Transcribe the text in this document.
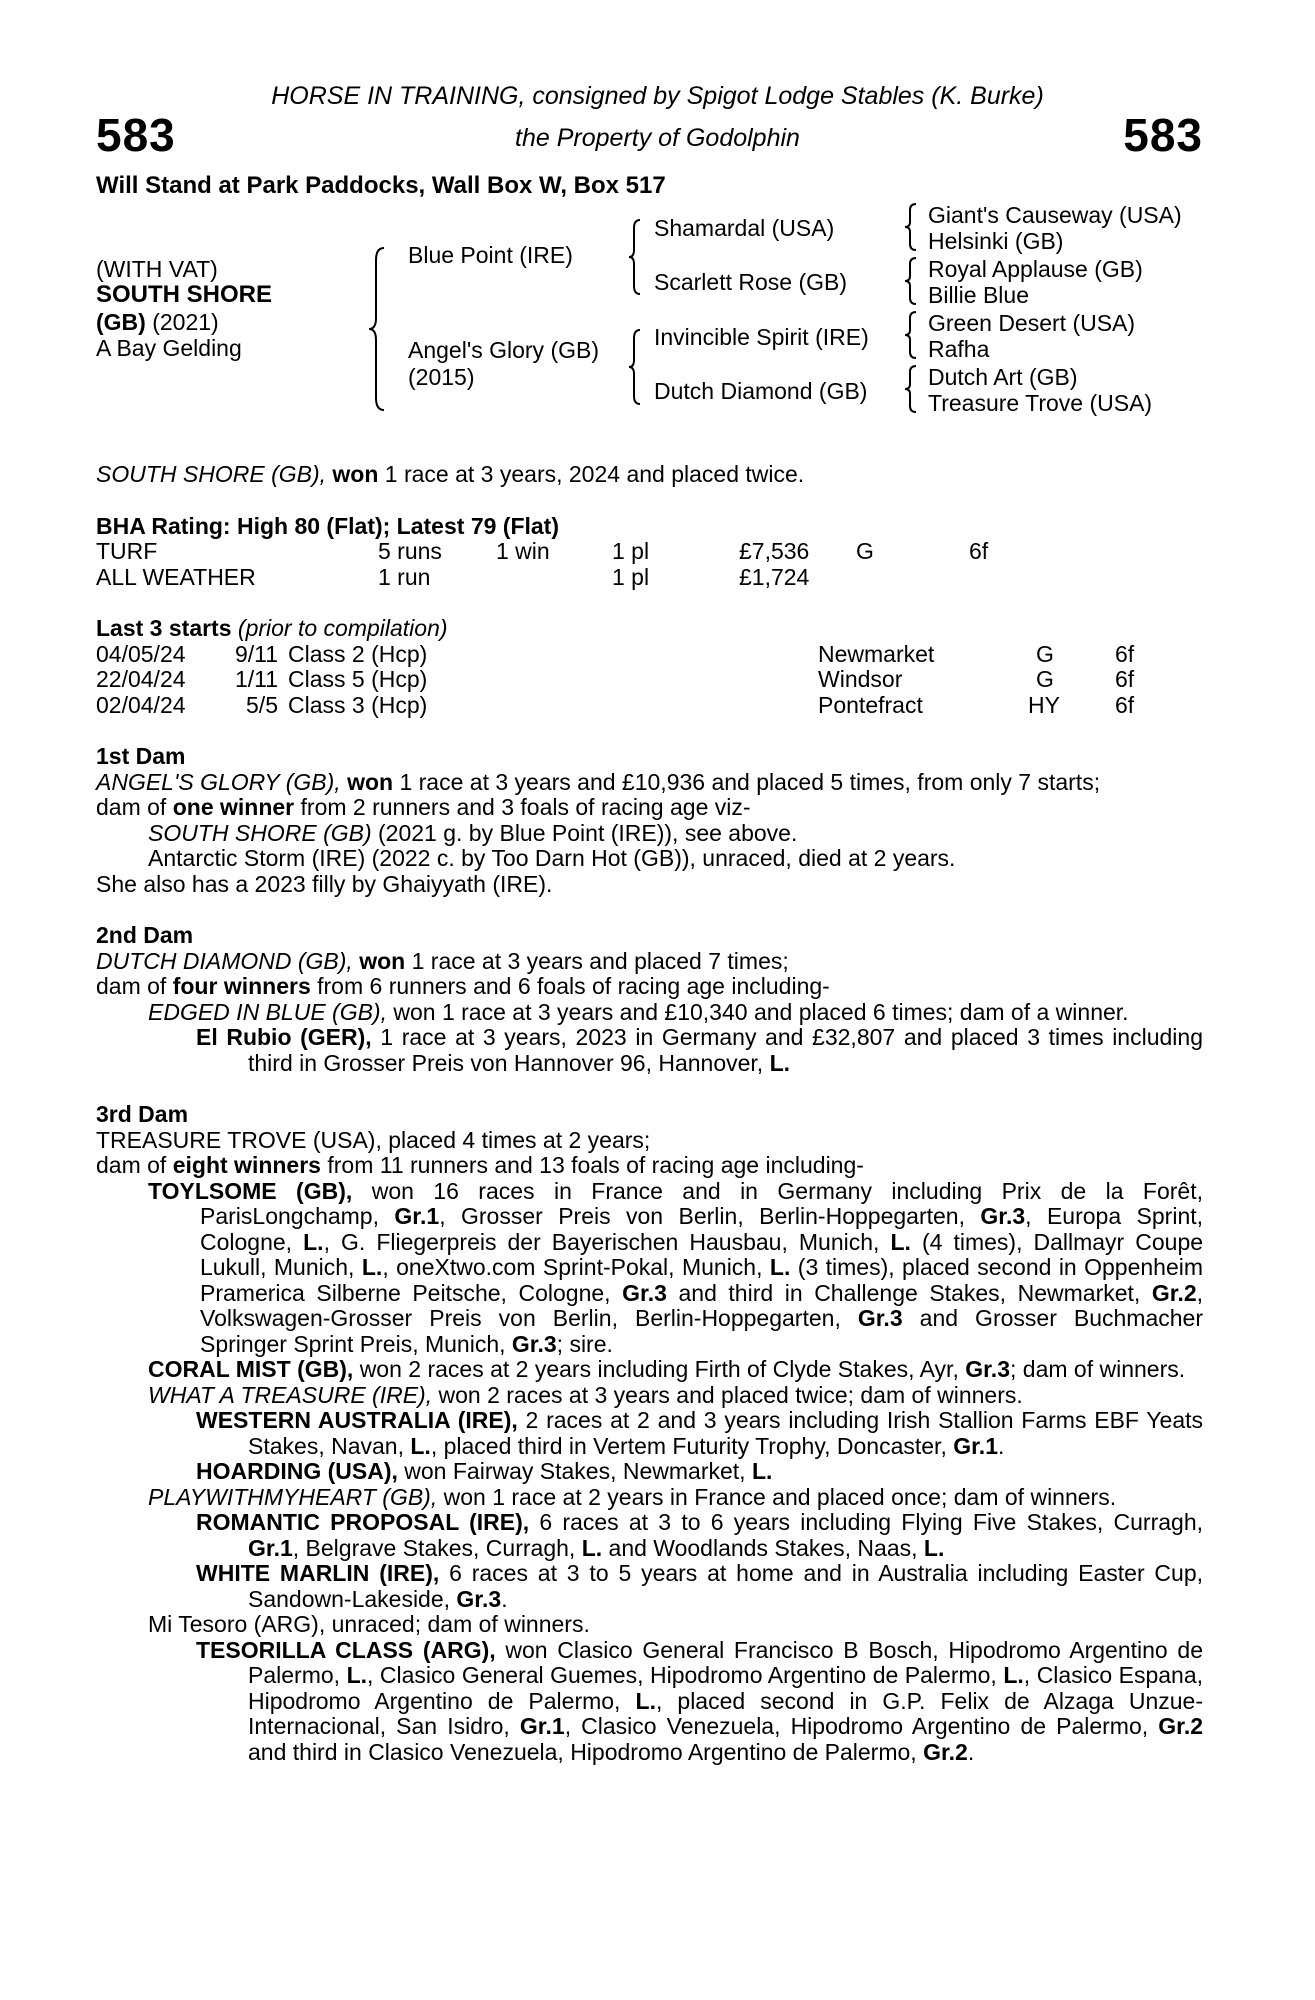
583	583
HORSE IN TRAINING, consigned by Spigot Lodge Stables (K. Burke)
the Property of Godolphin
Will Stand at Park Paddocks, Wall Box W, Box 517
(WITH VAT)
SOUTH SHORE
(GB) (2021)
A Bay Gelding
Blue Point (IRE)
Angel's Glory (GB)
(2015)
Shamardal (USA)
Scarlett Rose (GB)
Invincible Spirit (IRE)
Dutch Diamond (GB)
Giant's Causeway (USA)
Helsinki (GB)
Royal Applause (GB)
Billie Blue
Green Desert (USA)
Rafha
Dutch Art (GB)
Treasure Trove (USA)

SOUTH SHORE (GB), won 1 race at 3 years, 2024 and placed twice.

BHA Rating: High 80 (Flat); Latest 79 (Flat)

TURF	5 runs 1 win	1 pl	£7,536 G	6f
ALL WEATHER	1 run	1 pl	£1,724

Last 3 starts (prior to compilation)

04/05/24	9/11 Class 2 (Hcp)	Newmarket	G	6f
22/04/24	1/11 Class 5 (Hcp)	Windsor	G	6f
02/04/24	5/5 Class 3 (Hcp)	Pontefract	HY 6f

1st Dam

ANGEL'S GLORY (GB), won 1 race at 3 years and £10,936 and placed 5 times, from only 7 starts;

dam of one winner from 2 runners and 3 foals of racing age viz-

SOUTH SHORE (GB) (2021 g. by Blue Point (IRE)), see above.

Antarctic Storm (IRE) (2022 c. by Too Darn Hot (GB)), unraced, died at 2 years.

She also has a 2023 filly by Ghaiyyath (IRE).

2nd Dam

DUTCH DIAMOND (GB), won 1 race at 3 years and placed 7 times;

dam of four winners from 6 runners and 6 foals of racing age including-

EDGED IN BLUE (GB), won 1 race at 3 years and £10,340 and placed 6 times; dam of a winner.

El Rubio (GER), 1 race at 3 years, 2023 in Germany and £32,807 and placed 3 times including third in Grosser Preis von Hannover 96, Hannover, L.

3rd Dam

TREASURE TROVE (USA), placed 4 times at 2 years;

dam of eight winners from 11 runners and 13 foals of racing age including-

TOYLSOME (GB), won 16 races in France and in Germany including Prix de la Forêt, ParisLongchamp, Gr.1, Grosser Preis von Berlin, Berlin-Hoppegarten, Gr.3, Europa Sprint, Cologne, L., G. Fliegerpreis der Bayerischen Hausbau, Munich, L. (4 times), Dallmayr Coupe Lukull, Munich, L., oneXtwo.com Sprint-Pokal, Munich, L. (3 times), placed second in Oppenheim Pramerica Silberne Peitsche, Cologne, Gr.3 and third in Challenge Stakes, Newmarket, Gr.2, Volkswagen-Grosser Preis von Berlin, Berlin-Hoppegarten, Gr.3 and Grosser Buchmacher Springer Sprint Preis, Munich, Gr.3; sire.

CORAL MIST (GB), won 2 races at 2 years including Firth of Clyde Stakes, Ayr, Gr.3; dam of winners.

WHAT A TREASURE (IRE), won 2 races at 3 years and placed twice; dam of winners.

WESTERN AUSTRALIA (IRE), 2 races at 2 and 3 years including Irish Stallion Farms EBF Yeats Stakes, Navan, L., placed third in Vertem Futurity Trophy, Doncaster, Gr.1.

HOARDING (USA), won Fairway Stakes, Newmarket, L.

PLAYWITHMYHEART (GB), won 1 race at 2 years in France and placed once; dam of winners.

ROMANTIC PROPOSAL (IRE), 6 races at 3 to 6 years including Flying Five Stakes, Curragh, Gr.1, Belgrave Stakes, Curragh, L. and Woodlands Stakes, Naas, L.

WHITE MARLIN (IRE), 6 races at 3 to 5 years at home and in Australia including Easter Cup, Sandown-Lakeside, Gr.3.

Mi Tesoro (ARG), unraced; dam of winners.

TESORILLA CLASS (ARG), won Clasico General Francisco B Bosch, Hipodromo Argentino de Palermo, L., Clasico General Guemes, Hipodromo Argentino de Palermo, L., Clasico Espana, Hipodromo Argentino de Palermo, L., placed second in G.P. Felix de Alzaga Unzue-Internacional, San Isidro, Gr.1, Clasico Venezuela, Hipodromo Argentino de Palermo, Gr.2 and third in Clasico Venezuela, Hipodromo Argentino de Palermo, Gr.2.
